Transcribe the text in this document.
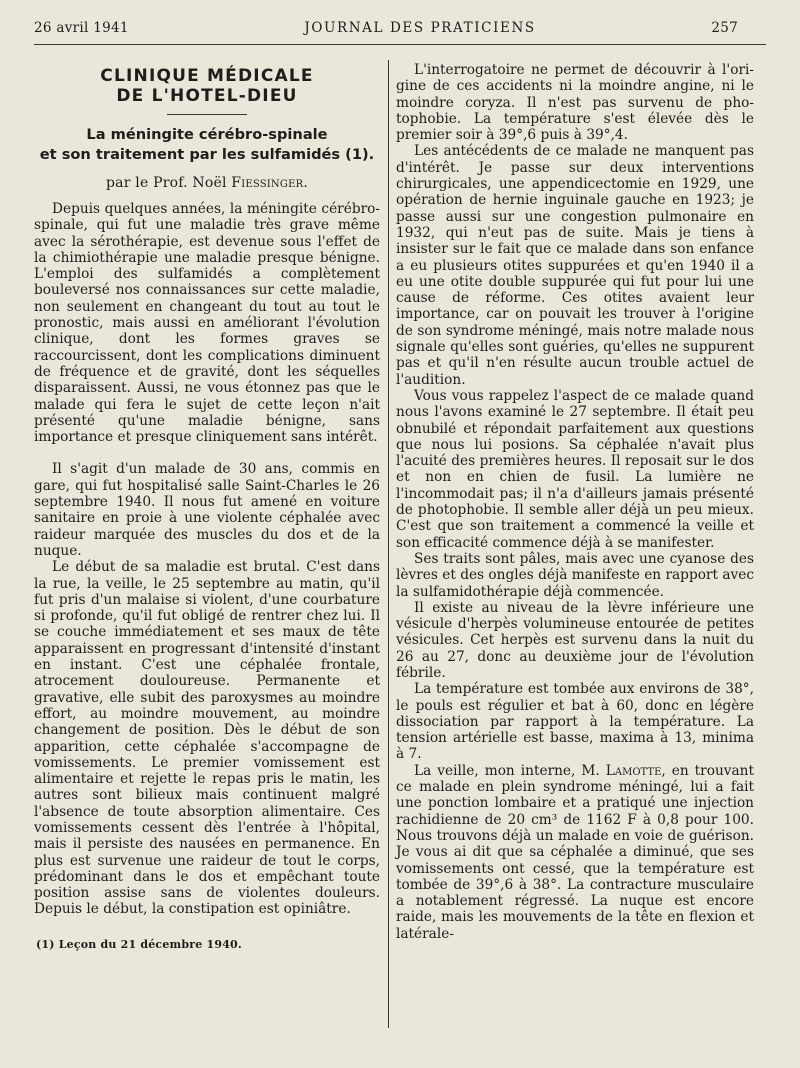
26 avril 1941	JOURNAL DES PRATICIENS	257
CLINIQUE MÉDICALE
DE L'HOTEL-DIEU
La méningite cérébro-spinale
et son traitement par les sulfamidés (1).
par le Prof. Noël Fiessinger.

Depuis quelques années, la méningite cérébro-spinale, qui fut une maladie très grave même avec la sérothérapie, est devenue sous l'effet de la chimiothérapie une maladie presque bénigne. L'emploi des sulfamidés a complètement bouleversé nos connaissances sur cette maladie, non seulement en changeant du tout au tout le pronostic, mais aussi en améliorant l'évolution clinique, dont les formes graves se raccourcissent, dont les complications diminuent de fréquence et de gravité, dont les séquelles disparaissent. Aussi, ne vous étonnez pas que le malade qui fera le sujet de cette leçon n'ait présenté qu'une maladie bénigne, sans importance et presque cliniquement sans intérêt.

Il s'agit d'un malade de 30 ans, commis en gare, qui fut hospitalisé salle Saint-Charles le 26 septembre 1940. Il nous fut amené en voiture sanitaire en proie à une violente céphalée avec raideur marquée des muscles du dos et de la nuque.

Le début de sa maladie est brutal. C'est dans la rue, la veille, le 25 septembre au matin, qu'il fut pris d'un malaise si violent, d'une courbature si profonde, qu'il fut obligé de rentrer chez lui. Il se couche immédiatement et ses maux de tête apparaissent en progressant d'intensité d'instant en instant. C'est une céphalée frontale, atrocement douloureuse. Permanente et gravative, elle subit des paroxysmes au moindre effort, au moindre mouvement, au moindre changement de position. Dès le début de son apparition, cette céphalée s'accompagne de vomissements. Le premier vomissement est alimentaire et rejette le repas pris le matin, les autres sont bilieux mais continuent malgré l'absence de toute absorption alimentaire. Ces vomissements cessent dès l'entrée à l'hôpital, mais il persiste des nausées en permanence. En plus est survenue une raideur de tout le corps, prédominant dans le dos et empêchant toute position assise sans de violentes douleurs. Depuis le début, la constipation est opiniâtre.

(1) Leçon du 21 décembre 1940.

L'interrogatoire ne permet de découvrir à l'origine de ces accidents ni la moindre angine, ni le moindre coryza. Il n'est pas survenu de photophobie. La température s'est élevée dès le premier soir à 39°,6 puis à 39°,4.

Les antécédents de ce malade ne manquent pas d'intérêt. Je passe sur deux interventions chirurgicales, une appendicectomie en 1929, une opération de hernie inguinale gauche en 1923; je passe aussi sur une congestion pulmonaire en 1932, qui n'eut pas de suite. Mais je tiens à insister sur le fait que ce malade dans son enfance a eu plusieurs otites suppurées et qu'en 1940 il a eu une otite double suppurée qui fut pour lui une cause de réforme. Ces otites avaient leur importance, car on pouvait les trouver à l'origine de son syndrome méningé, mais notre malade nous signale qu'elles sont guéries, qu'elles ne suppurent pas et qu'il n'en résulte aucun trouble actuel de l'audition.

Vous vous rappelez l'aspect de ce malade quand nous l'avons examiné le 27 septembre. Il était peu obnubilé et répondait parfaitement aux questions que nous lui posions. Sa céphalée n'avait plus l'acuité des premières heures. Il reposait sur le dos et non en chien de fusil. La lumière ne l'incommodait pas; il n'a d'ailleurs jamais présenté de photophobie. Il semble aller déjà un peu mieux. C'est que son traitement a commencé la veille et son efficacité commence déjà à se manifester.

Ses traits sont pâles, mais avec une cyanose des lèvres et des ongles déjà manifeste en rapport avec la sulfamidothérapie déjà commencée.

Il existe au niveau de la lèvre inférieure une vésicule d'herpès volumineuse entourée de petites vésicules. Cet herpès est survenu dans la nuit du 26 au 27, donc au deuxième jour de l'évolution fébrile.

La température est tombée aux environs de 38°, le pouls est régulier et bat à 60, donc en légère dissociation par rapport à la température. La tension artérielle est basse, maxima à 13, minima à 7.

La veille, mon interne, M. Lamotte, en trouvant ce malade en plein syndrome méningé, lui a fait une ponction lombaire et a pratiqué une injection rachidienne de 20 cm³ de 1162 F à 0,8 pour 100. Nous trouvons déjà un malade en voie de guérison. Je vous ai dit que sa céphalée a diminué, que ses vomissements ont cessé, que la température est tombée de 39°,6 à 38°. La contracture musculaire a notablement régressé. La nuque est encore raide, mais les mouvements de la tête en flexion et latérale-
